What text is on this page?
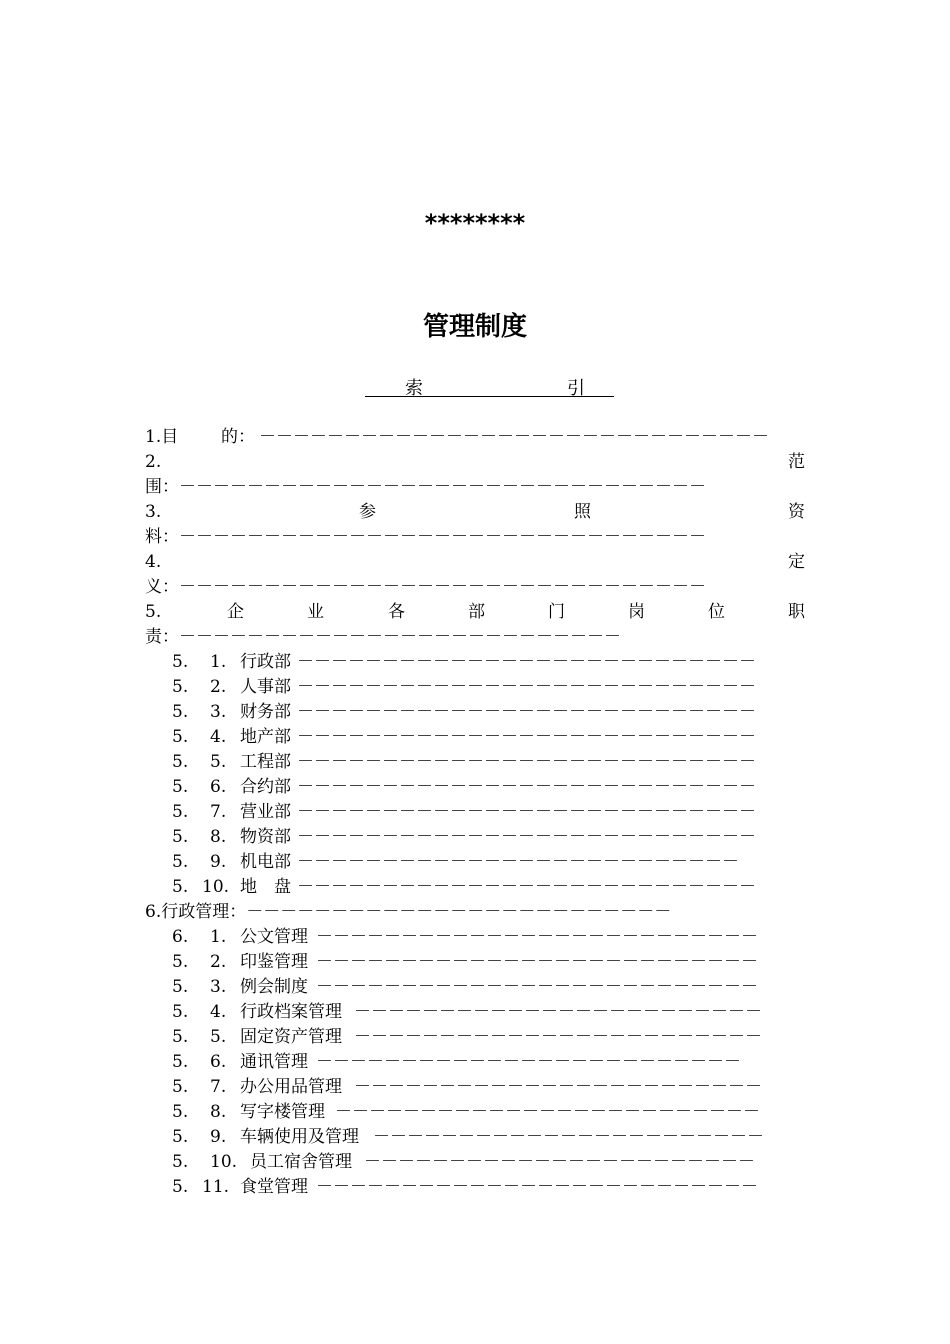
********
管理制度
索	引
1.目	的： －－－－－－－－－－－－－－－－－－－－－－－－－－－－－－
2.	范
围：－－－－－－－－－－－－－－－－－－－－－－－－－－－－－－－
3.	参	照	资
料：－－－－－－－－－－－－－－－－－－－－－－－－－－－－－－－
4.	定
义：－－－－－－－－－－－－－－－－－－－－－－－－－－－－－－－
5.	企	业	各	部	门	岗	位	职
责：－－－－－－－－－－－－－－－－－－－－－－－－－－
5. 1. 行政部 －－－－－－－－－－－－－－－－－－－－－－－－－－－
5. 2. 人事部 －－－－－－－－－－－－－－－－－－－－－－－－－－－
5. 3. 财务部 －－－－－－－－－－－－－－－－－－－－－－－－－－－
5. 4. 地产部 －－－－－－－－－－－－－－－－－－－－－－－－－－－
5. 5. 工程部 －－－－－－－－－－－－－－－－－－－－－－－－－－－
5. 6. 合约部 －－－－－－－－－－－－－－－－－－－－－－－－－－－
5. 7. 营业部 －－－－－－－－－－－－－－－－－－－－－－－－－－－
5. 8. 物资部 －－－－－－－－－－－－－－－－－－－－－－－－－－－
5. 9. 机电部 －－－－－－－－－－－－－－－－－－－－－－－－－－
5. 10. 地　盘 －－－－－－－－－－－－－－－－－－－－－－－－－－－
6.行政管理：－－－－－－－－－－－－－－－－－－－－－－－－－
6. 1. 公文管理 －－－－－－－－－－－－－－－－－－－－－－－－－－
5. 2. 印鉴管理 －－－－－－－－－－－－－－－－－－－－－－－－－－
5. 3. 例会制度 －－－－－－－－－－－－－－－－－－－－－－－－－－
5. 4. 行政档案管理 －－－－－－－－－－－－－－－－－－－－－－－－
5. 5. 固定资产管理 －－－－－－－－－－－－－－－－－－－－－－－－
5. 6. 通讯管理 －－－－－－－－－－－－－－－－－－－－－－－－－
5. 7. 办公用品管理 －－－－－－－－－－－－－－－－－－－－－－－－
5. 8. 写字楼管理 －－－－－－－－－－－－－－－－－－－－－－－－－
5. 9. 车辆使用及管理 －－－－－－－－－－－－－－－－－－－－－－－
5. 10. 员工宿舍管理 －－－－－－－－－－－－－－－－－－－－－－－
5. 11. 食堂管理 －－－－－－－－－－－－－－－－－－－－－－－－－－
